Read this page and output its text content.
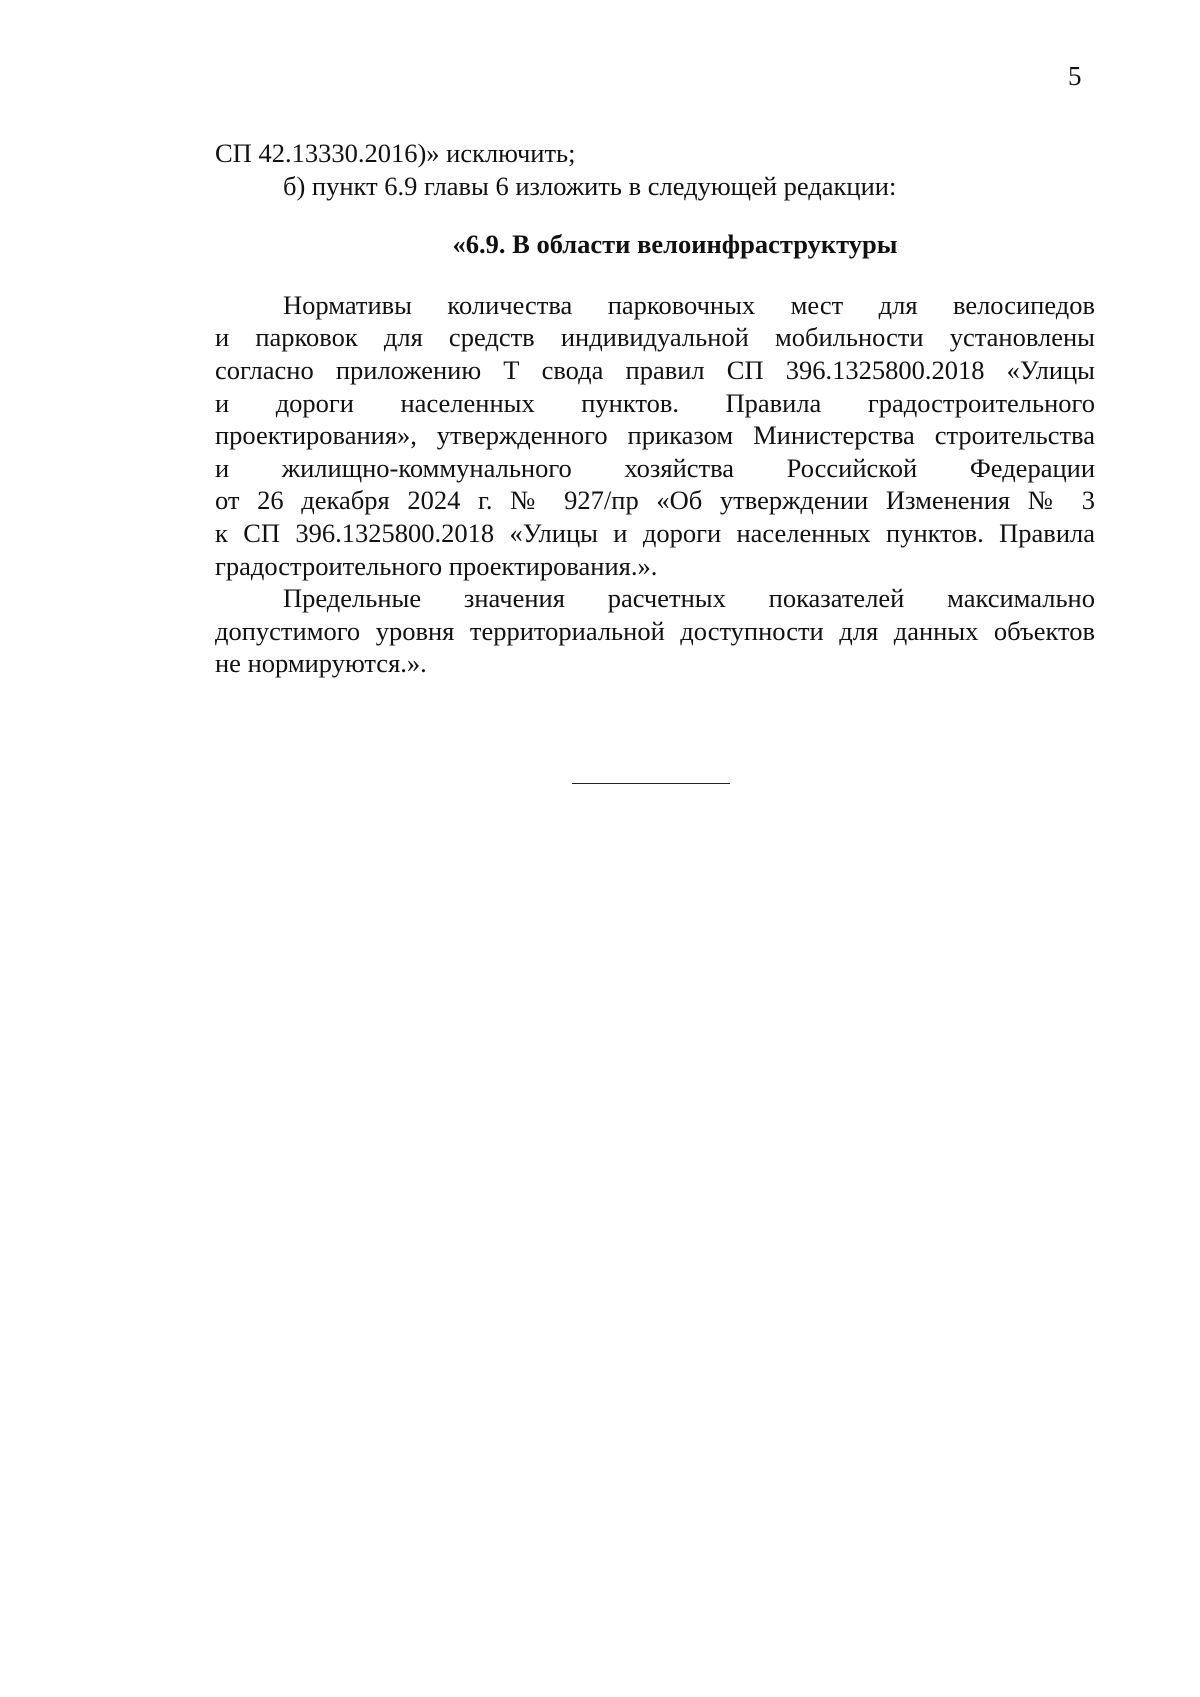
5

СП 42.13330.2016)» исключить;

б) пункт 6.9 главы 6 изложить в следующей редакции:

«6.9. В области велоинфраструктуры

Нормативы количества парковочных мест для велосипедов
и парковок для средств индивидуальной мобильности установлены
согласно приложению Т свода правил СП 396.1325800.2018 «Улицы
и дороги населенных пунктов. Правила градостроительного
проектирования», утвержденного приказом Министерства строительства
и жилищно-коммунального хозяйства Российской Федерации
от 26 декабря 2024 г. № 927/пр «Об утверждении Изменения № 3
к СП 396.1325800.2018 «Улицы и дороги населенных пунктов. Правила
градостроительного проектирования.».
Предельные значения расчетных показателей максимально
допустимого уровня территориальной доступности для данных объектов
не нормируются.».
